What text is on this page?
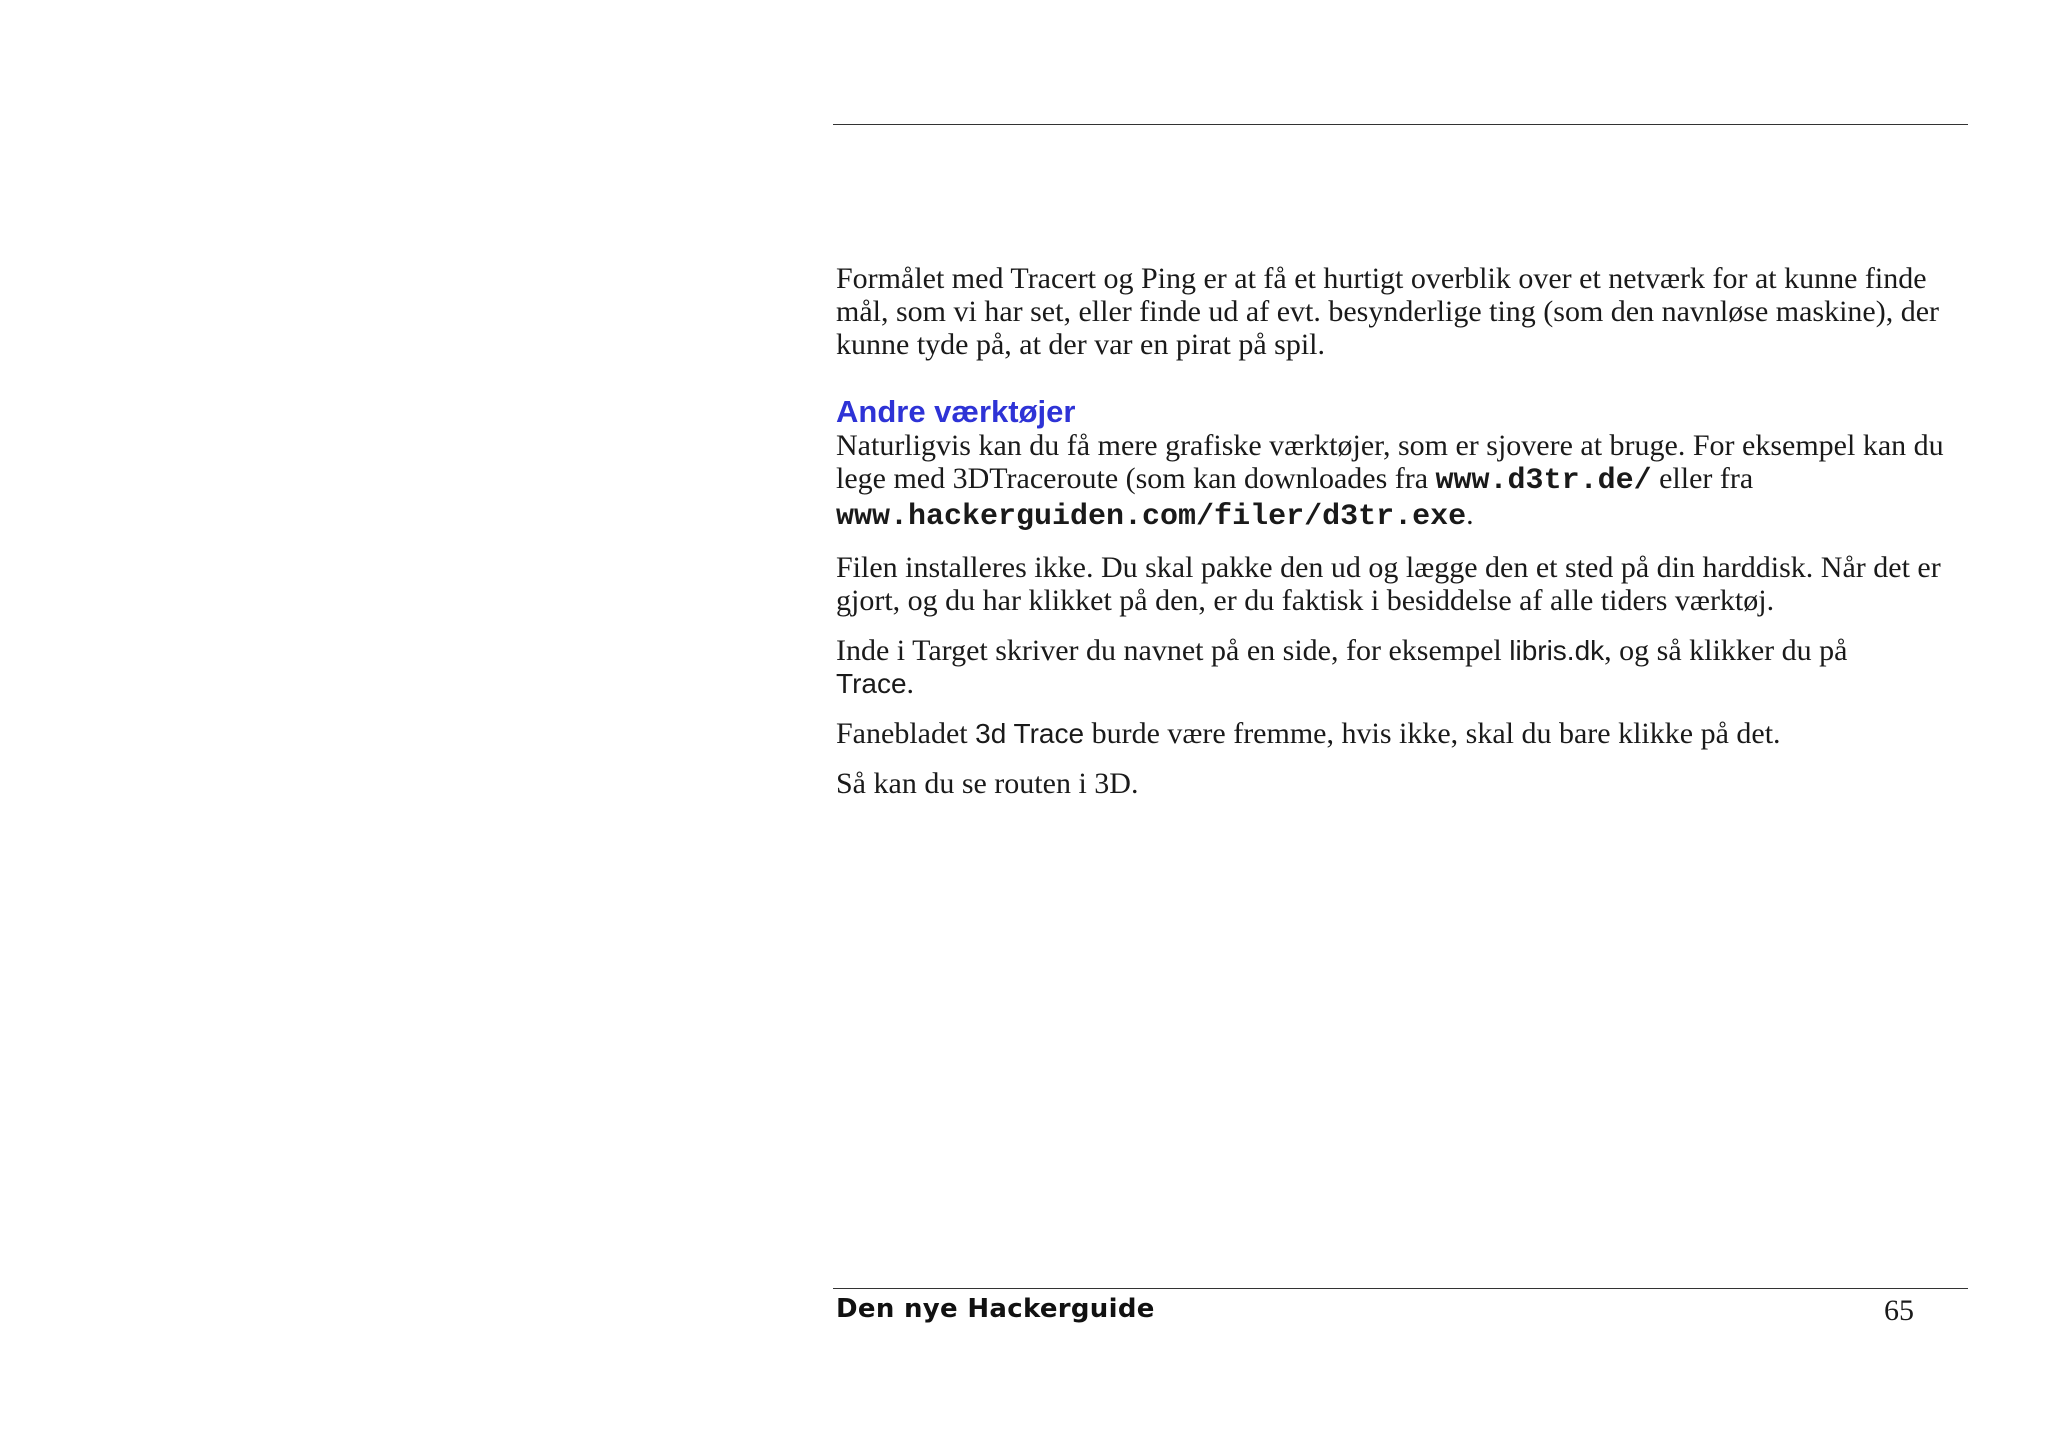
Formålet med Tracert og Ping er at få et hurtigt overblik over et netværk for at kunne finde mål, som vi har set, eller finde ud af evt. besynderlige ting (som den navnløse maskine), der kunne tyde på, at der var en pirat på spil.

Andre værktøjer

Naturligvis kan du få mere grafiske værktøjer, som er sjovere at bruge. For eksempel kan du lege med 3DTraceroute (som kan downloades fra www.d3tr.de/ eller fra
www.hackerguiden.com/filer/d3tr.exe.

Filen installeres ikke. Du skal pakke den ud og lægge den et sted på din harddisk. Når det er gjort, og du har klikket på den, er du faktisk i besiddelse af alle tiders værktøj.

Inde i Target skriver du navnet på en side, for eksempel libris.dk, og så klikker du på
Trace.

Fanebladet 3d Trace burde være fremme, hvis ikke, skal du bare klikke på det.

Så kan du se routen i 3D.

Den nye Hackerguide	65
